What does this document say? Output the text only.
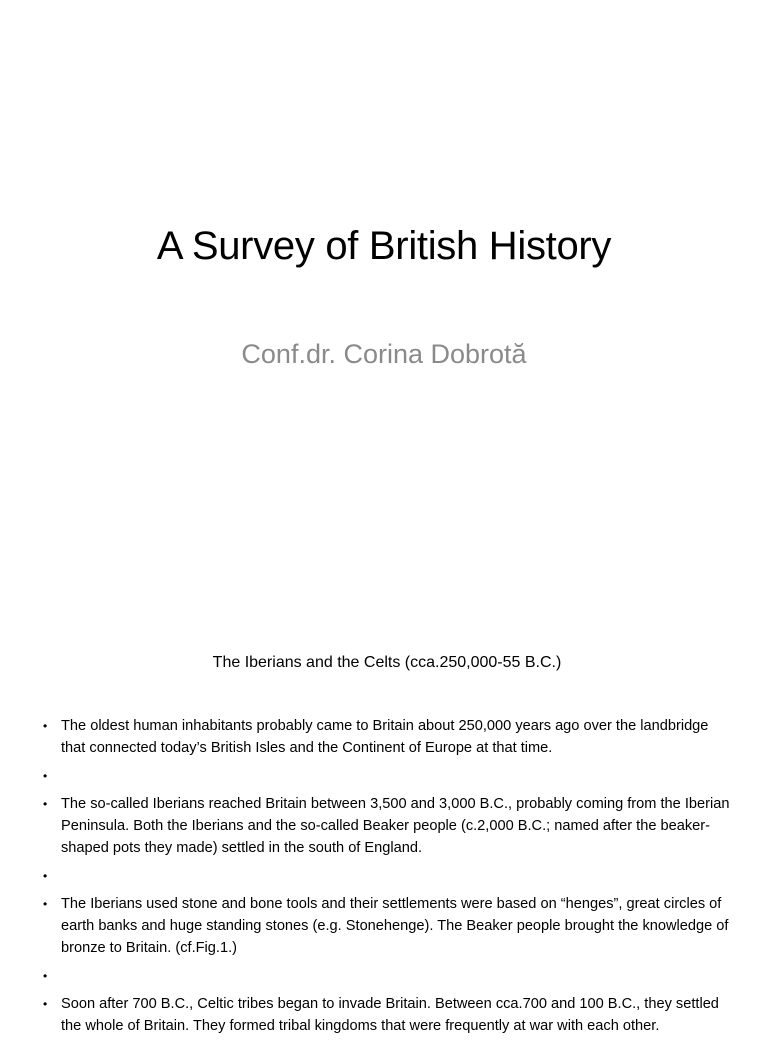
A Survey of British History
Conf.dr. Corina Dobrotă
The Iberians and the Celts (cca.250,000-55 B.C.)
• The oldest human inhabitants probably came to Britain about 250,000 years ago over the landbridge that connected today’s British Isles and the Continent of Europe at that time.
•
• The so-called Iberians reached Britain between 3,500 and 3,000 B.C., probably coming from the Iberian Peninsula. Both the Iberians and the so-called Beaker people (c.2,000 B.C.; named after the beaker-shaped pots they made) settled in the south of England.
•
• The Iberians used stone and bone tools and their settlements were based on “henges”, great circles of earth banks and huge standing stones (e.g. Stonehenge). The Beaker people brought the knowledge of bronze to Britain. (cf.Fig.1.)
•
• Soon after 700 B.C., Celtic tribes began to invade Britain. Between cca.700 and 100 B.C., they settled the whole of Britain. They formed tribal kingdoms that were frequently at war with each other.
